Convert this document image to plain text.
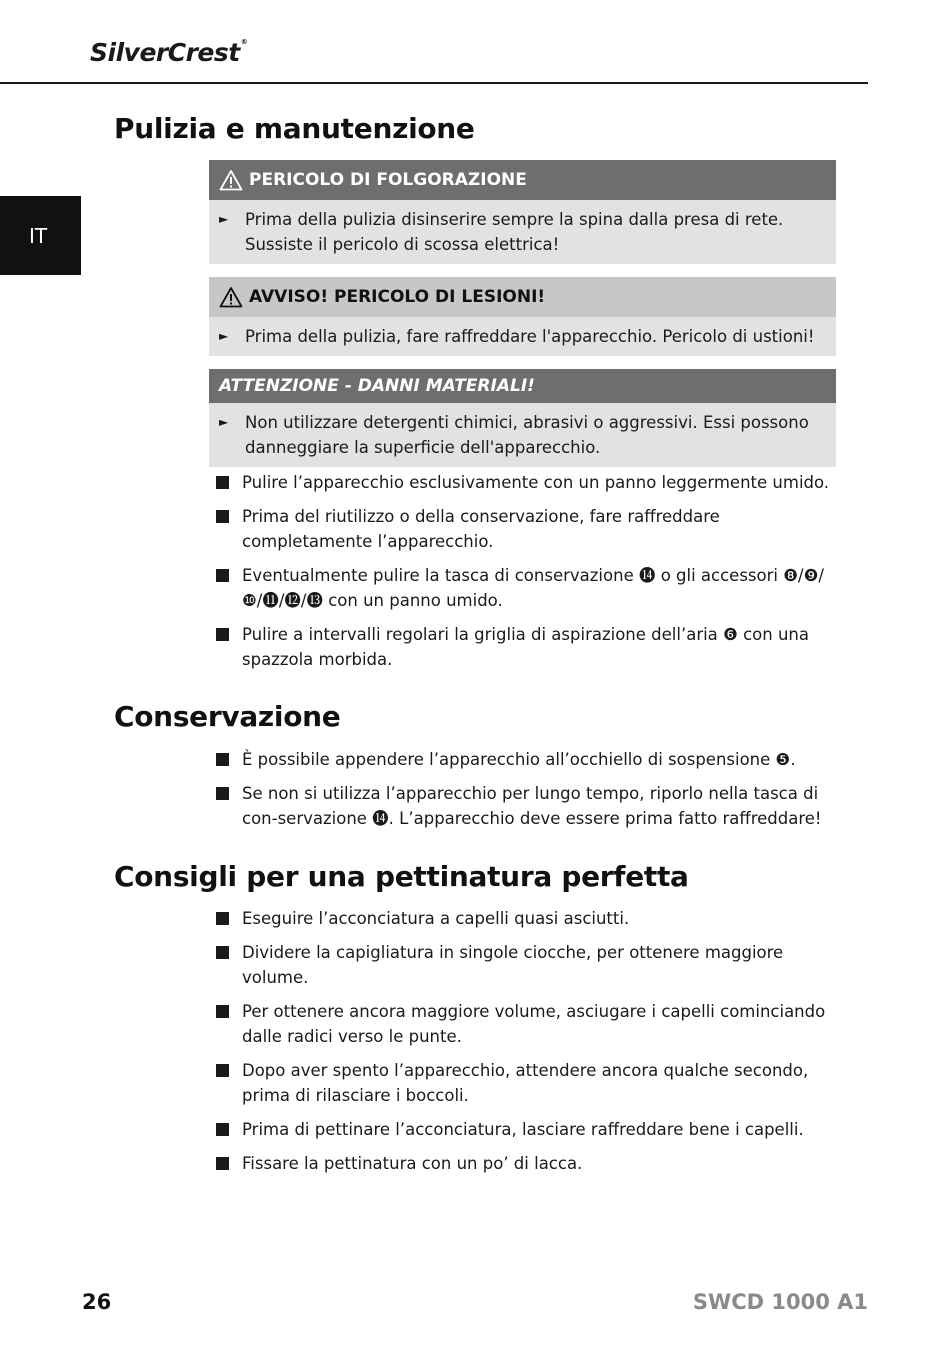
SilverCrest®
IT
Pulizia e manutenzione
PERICOLO DI FOLGORAZIONE
►	Prima della pulizia disinserire sempre la spina dalla presa di rete. Sussiste il pericolo di scossa elettrica!
AVVISO! PERICOLO DI LESIONI!
►	Prima della pulizia, fare raffreddare l'apparecchio. Pericolo di ustioni!
ATTENZIONE - DANNI MATERIALI!
►	Non utilizzare detergenti chimici, abrasivi o aggressivi. Essi possono danneggiare la superficie dell'apparecchio.
Pulire l’apparecchio esclusivamente con un panno leggermente umido.
Prima del riutilizzo o della conservazione, fare raffreddare completamente l’apparecchio.
Eventualmente pulire la tasca di conservazione ⓮ o gli accessori ❽/❾/❿/⓫/⓬/⓭ con un panno umido.
Pulire a intervalli regolari la griglia di aspirazione dell’aria ❻ con una spazzola morbida.
Conservazione
È possibile appendere l’apparecchio all’occhiello di sospensione ❺.
Se non si utilizza l’apparecchio per lungo tempo, riporlo nella tasca di con-servazione ⓮. L’apparecchio deve essere prima fatto raffreddare!
Consigli per una pettinatura perfetta
Eseguire l’acconciatura a capelli quasi asciutti.
Dividere la capigliatura in singole ciocche, per ottenere maggiore volume.
Per ottenere ancora maggiore volume, asciugare i capelli cominciando dalle radici verso le punte.
Dopo aver spento l’apparecchio, attendere ancora qualche secondo, prima di rilasciare i boccoli.
Prima di pettinare l’acconciatura, lasciare raffreddare bene i capelli.
Fissare la pettinatura con un po’ di lacca.
26	SWCD 1000 A1
